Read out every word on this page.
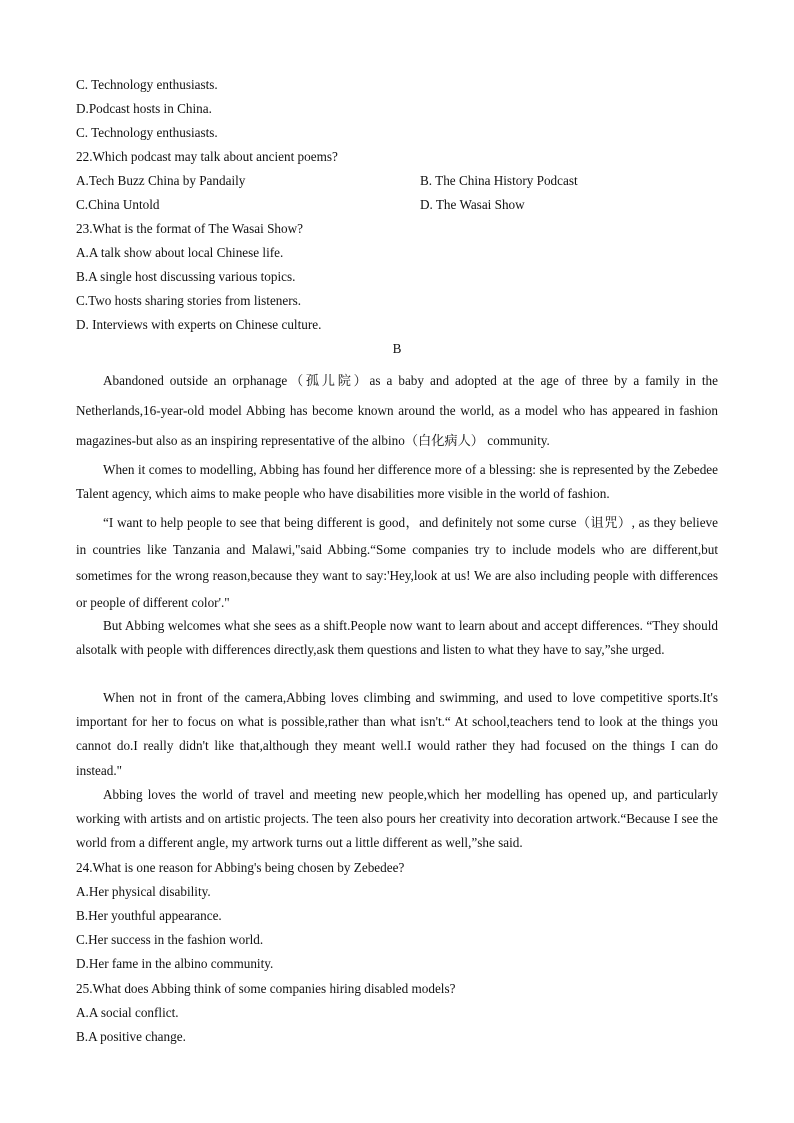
C. Technology enthusiasts.
D.Podcast hosts in China.
C. Technology enthusiasts.
22.Which podcast may talk about ancient poems?
A.Tech Buzz China by Pandaily	B. The China History Podcast
C.China Untold	D. The Wasai Show
23.What is the format of The Wasai Show?
A.A talk show about local Chinese life.
B.A single host discussing various topics.
C.Two hosts sharing stories from listeners.
D. Interviews with experts on Chinese culture.
B
Abandoned outside an orphanage（孤儿院）as a baby and adopted at the age of three by a family in the Netherlands,16-year-old model Abbing has become known around the world, as a model who has appeared in fashion magazines-but also as an inspiring representative of the albino（白化病人） community.
When it comes to modelling, Abbing has found her difference more of a blessing: she is represented by the Zebedee Talent agency, which aims to make people who have disabilities more visible in the world of fashion.
“I want to help people to see that being different is good，and definitely not some curse（诅咒）, as they believe in countries like Tanzania and Malawi,"said Abbing.“Some companies try to include models who are different,but sometimes for the wrong reason,because they want to say:'Hey,look at us! We are also including people with differences or people of different color'."
But Abbing welcomes what she sees as a shift.People now want to learn about and accept differences. “They should alsotalk with people with differences directly,ask them questions and listen to what they have to say,”she urged.
When not in front of the camera,Abbing loves climbing and swimming, and used to love competitive sports.It's important for her to focus on what is possible,rather than what isn't.“ At school,teachers tend to look at the things you cannot do.I really didn't like that,although they meant well.I would rather they had focused on the things I can do instead."
Abbing loves the world of travel and meeting new people,which her modelling has opened up, and particularly working with artists and on artistic projects. The teen also pours her creativity into decoration artwork.“Because I see the world from a different angle, my artwork turns out a little different as well,”she said.
24.What is one reason for Abbing's being chosen by Zebedee?
A.Her physical disability.
B.Her youthful appearance.
C.Her success in the fashion world.
D.Her fame in the albino community.
25.What does Abbing think of some companies hiring disabled models?
A.A social conflict.
B.A positive change.
